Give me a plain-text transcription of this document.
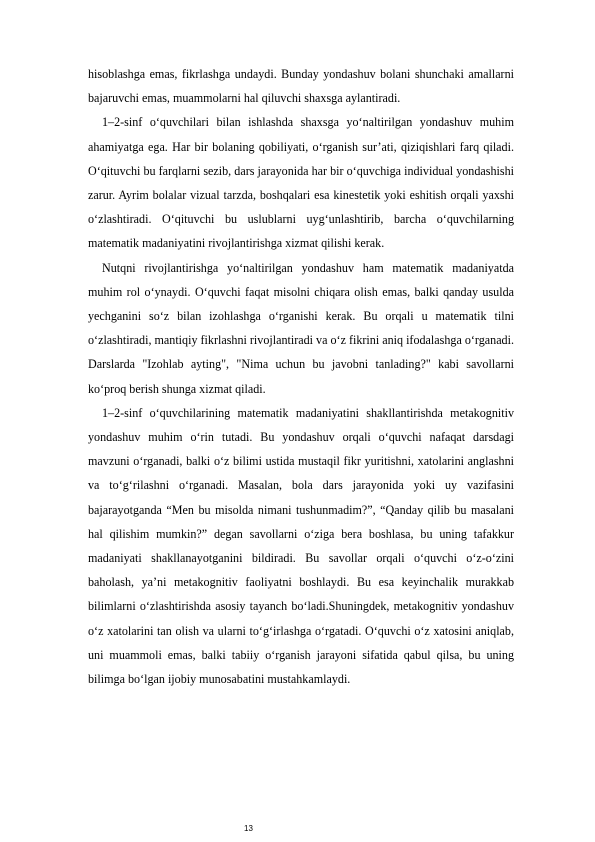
hisoblashga emas, fikrlashga undaydi. Bunday yondashuv bolani shunchaki amallarni bajaruvchi emas, muammolarni hal qiluvchi shaxsga aylantiradi.

1–2-sinf o‘quvchilari bilan ishlashda shaxsga yo‘naltirilgan yondashuv muhim ahamiyatga ega. Har bir bolaning qobiliyati, o‘rganish sur’ati, qiziqishlari farq qiladi. O‘qituvchi bu farqlarni sezib, dars jarayonida har bir o‘quvchiga individual yondashishi zarur. Ayrim bolalar vizual tarzda, boshqalari esa kinestetik yoki eshitish orqali yaxshi o‘zlashtiradi. O‘qituvchi bu uslublarni uyg‘unlashtirib, barcha o‘quvchilarning matematik madaniyatini rivojlantirishga xizmat qilishi kerak.

Nutqni rivojlantirishga yo‘naltirilgan yondashuv ham matematik madaniyatda muhim rol o‘ynaydi. O‘quvchi faqat misolni chiqara olish emas, balki qanday usulda yechganini so‘z bilan izohlashga o‘rganishi kerak. Bu orqali u matematik tilni o‘zlashtiradi, mantiqiy fikrlashni rivojlantiradi va o‘z fikrini aniq ifodalashga o‘rganadi. Darslarda "Izohlab ayting", "Nima uchun bu javobni tanlading?" kabi savollarni ko‘proq berish shunga xizmat qiladi.

1–2-sinf o‘quvchilarining matematik madaniyatini shakllantirishda metakognitiv yondashuv muhim o‘rin tutadi. Bu yondashuv orqali o‘quvchi nafaqat darsdagi mavzuni o‘rganadi, balki o‘z bilimi ustida mustaqil fikr yuritishni, xatolarini anglashni va to‘g‘rilashni o‘rganadi. Masalan, bola dars jarayonida yoki uy vazifasini bajarayotganda “Men bu misolda nimani tushunmadim?”, “Qanday qilib bu masalani hal qilishim mumkin?” degan savollarni o‘ziga bera boshlasa, bu uning tafakkur madaniyati shakllanayotganini bildiradi. Bu savollar orqali o‘quvchi o‘z-o‘zini baholash, ya’ni metakognitiv faoliyatni boshlaydi. Bu esa keyinchalik murakkab bilimlarni o‘zlashtirishda asosiy tayanch bo‘ladi.Shuningdek, metakognitiv yondashuv o‘z xatolarini tan olish va ularni to‘g‘irlashga o‘rgatadi. O‘quvchi o‘z xatosini aniqlab, uni muammoli emas, balki tabiiy o‘rganish jarayoni sifatida qabul qilsa, bu uning bilimga bo‘lgan ijobiy munosabatini mustahkamlaydi.

13
